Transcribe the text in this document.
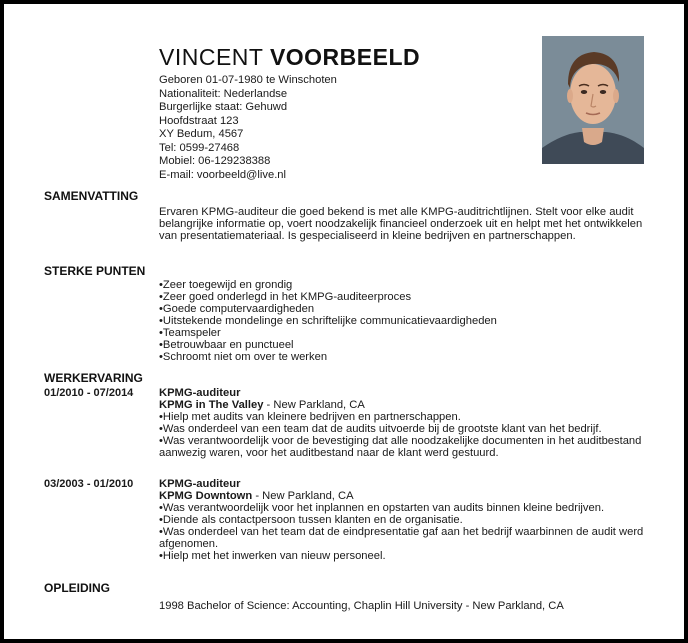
VINCENT VOORBEELD
Geboren 01-07-1980 te Winschoten
Nationaliteit: Nederlandse
Burgerlijke staat: Gehuwd
Hoofdstraat 123
XY Bedum, 4567
Tel: 0599-27468
Mobiel: 06-129238388
E-mail: voorbeeld@live.nl
SAMENVATTING
Ervaren KPMG-auditeur die goed bekend is met alle KMPG-auditrichtlijnen. Stelt voor elke audit belangrijke informatie op, voert noodzakelijk financieel onderzoek uit en helpt met het ontwikkelen van presentatiemateriaal. Is gespecialiseerd in kleine bedrijven en partnerschappen.
STERKE PUNTEN
• Zeer toegewijd en grondig
• Zeer goed onderlegd in het KMPG-auditeerproces
• Goede computervaardigheden
• Uitstekende mondelinge en schriftelijke communicatievaardigheden
• Teamspeler
• Betrouwbaar en punctueel
• Schroomt niet om over te werken
WERKERVARING
01/2010 - 07/2014 KPMG-auditeur
KPMG in The Valley - New Parkland, CA
• Hielp met audits van kleinere bedrijven en partnerschappen.
• Was onderdeel van een team dat de audits uitvoerde bij de grootste klant van het bedrijf.
• Was verantwoordelijk voor de bevestiging dat alle noodzakelijke documenten in het auditbestand aanwezig waren, voor het auditbestand naar de klant werd gestuurd.
03/2003 - 01/2010 KPMG-auditeur
KPMG Downtown - New Parkland, CA
• Was verantwoordelijk voor het inplannen en opstarten van audits binnen kleine bedrijven.
• Diende als contactpersoon tussen klanten en de organisatie.
• Was onderdeel van het team dat de eindpresentatie gaf aan het bedrijf waarbinnen de audit werd afgenomen.
• Hielp met het inwerken van nieuw personeel.
OPLEIDING
1998 Bachelor of Science: Accounting, Chaplin Hill University - New Parkland, CA
